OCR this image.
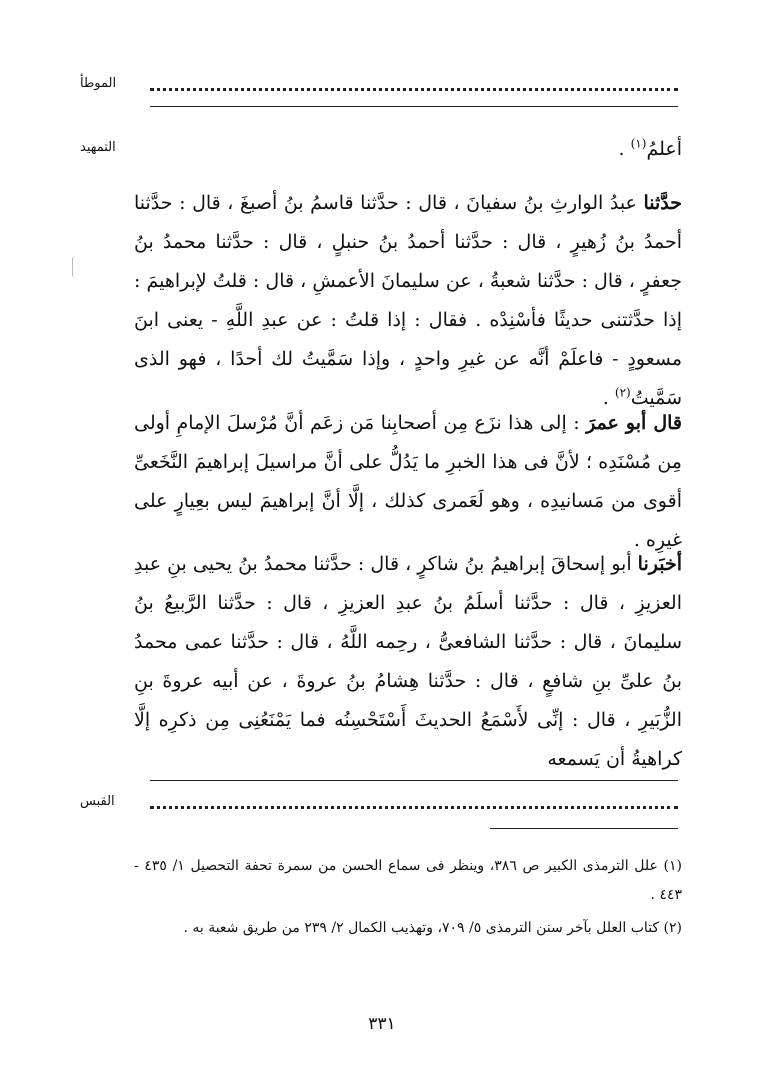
الموطأ
التمهيد	أعلمُ$^{(١)}$ .

حدَّثنا عبدُ الوارثِ بنُ سفيانَ ، قال : حدَّثنا قاسمُ بنُ أصبغَ ، قال : حدَّثنا أحمدُ بنُ زُهيرٍ ، قال : حدَّثنا أحمدُ بنُ حنبلٍ ، قال : حدَّثنا محمدُ بنُ جعفرٍ ، قال : حدَّثنا شعبةُ ، عن سليمانَ الأعمشِ ، قال : قلتُ لإبراهيمَ : إذا حدَّثتنى حديثًا فأسْنِدْه . فقال : إذا قلتُ : عن عبدِ اللَّهِ - يعنى ابنَ مسعودٍ - فاعلَمْ أنَّه عن غيرِ واحدٍ ، وإذا سَمَّيتُ لك أحدًا ، فهو الذى سَمَّيتُ$^{(٢)}$ .

قال أبو عمرَ : إلى هذا نزَع مِن أصحابِنا مَن زعَم أنَّ مُرْسلَ الإمامِ أولى مِن مُسْنَدِه ؛ لأنَّ فى هذا الخبرِ ما يَدُلُّ على أنَّ مراسيلَ إبراهيمَ النَّخَعىِّ أقوى من مَسانيدِه ، وهو لَعَمرى كذلك ، إلَّا أنَّ إبراهيمَ ليس بعِيارٍ على غيرِه .

أخبَرنا أبو إسحاقَ إبراهيمُ بنُ شاكرٍ ، قال : حدَّثنا محمدُ بنُ يحيى بنِ عبدِ العزيزِ ، قال : حدَّثنا أسلَمُ بنُ عبدِ العزيزِ ، قال : حدَّثنا الرَّبيعُ بنُ سليمانَ ، قال : حدَّثنا الشافعىُّ ، رحِمه اللَّهُ ، قال : حدَّثنا عمى محمدُ بنُ علىِّ بنِ شافعٍ ، قال : حدَّثنا هِشامُ بنُ عروةَ ، عن أبيه عروةَ بنِ الزُّبَيرِ ، قال : إنِّى لأَسْمَعُ الحديثَ أَسْتَحْسِنُه فما يَمْنَعُنِى مِن ذكرِه إلَّا كراهيةُ أن يَسمعه

القبس

(١) علل الترمذى الكبير ص ٣٨٦، وينظر فى سماع الحسن من سمرة تحفة التحصيل ١/ ٤٣٥ - ٤٤٣ .

(٢) كتاب العلل بآخر سنن الترمذى ٥/ ٧٠٩، وتهذيب الكمال ٢/ ٢٣٩ من طريق شعبة به .

٣٣١
